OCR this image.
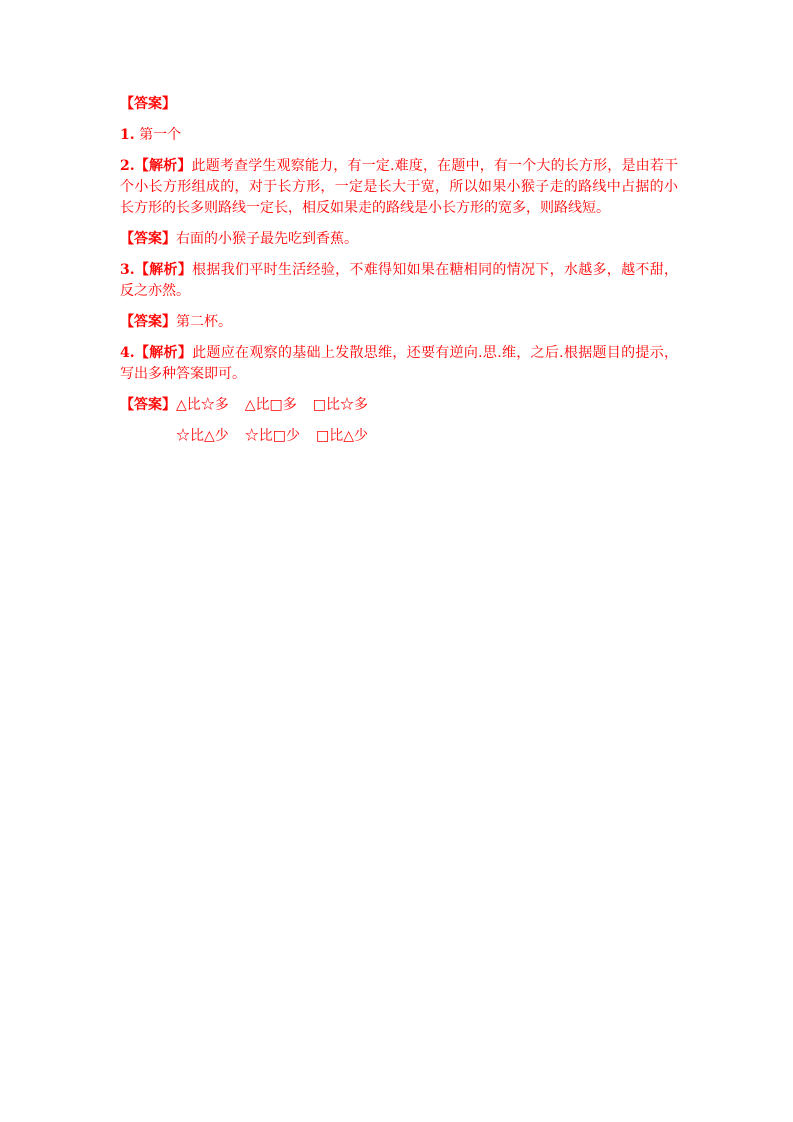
【答案】

1. 第一个

2.【解析】此题考查学生观察能力，有一定.难度，在题中，有一个大的长方形，是由若干个小长方形组成的，对于长方形，一定是长大于宽，所以如果小猴子走的路线中占据的小长方形的长多则路线一定长，相反如果走的路线是小长方形的宽多，则路线短。

【答案】右面的小猴子最先吃到香蕉。

3.【解析】根据我们平时生活经验，不难得知如果在糖相同的情况下，水越多，越不甜，反之亦然。

【答案】第二杯。

4.【解析】此题应在观察的基础上发散思维，还要有逆向.思.维，之后.根据题目的提示，写出多种答案即可。

【答案】△比☆多 △比□多 □比☆多

☆比△少 ☆比□少 □比△少
